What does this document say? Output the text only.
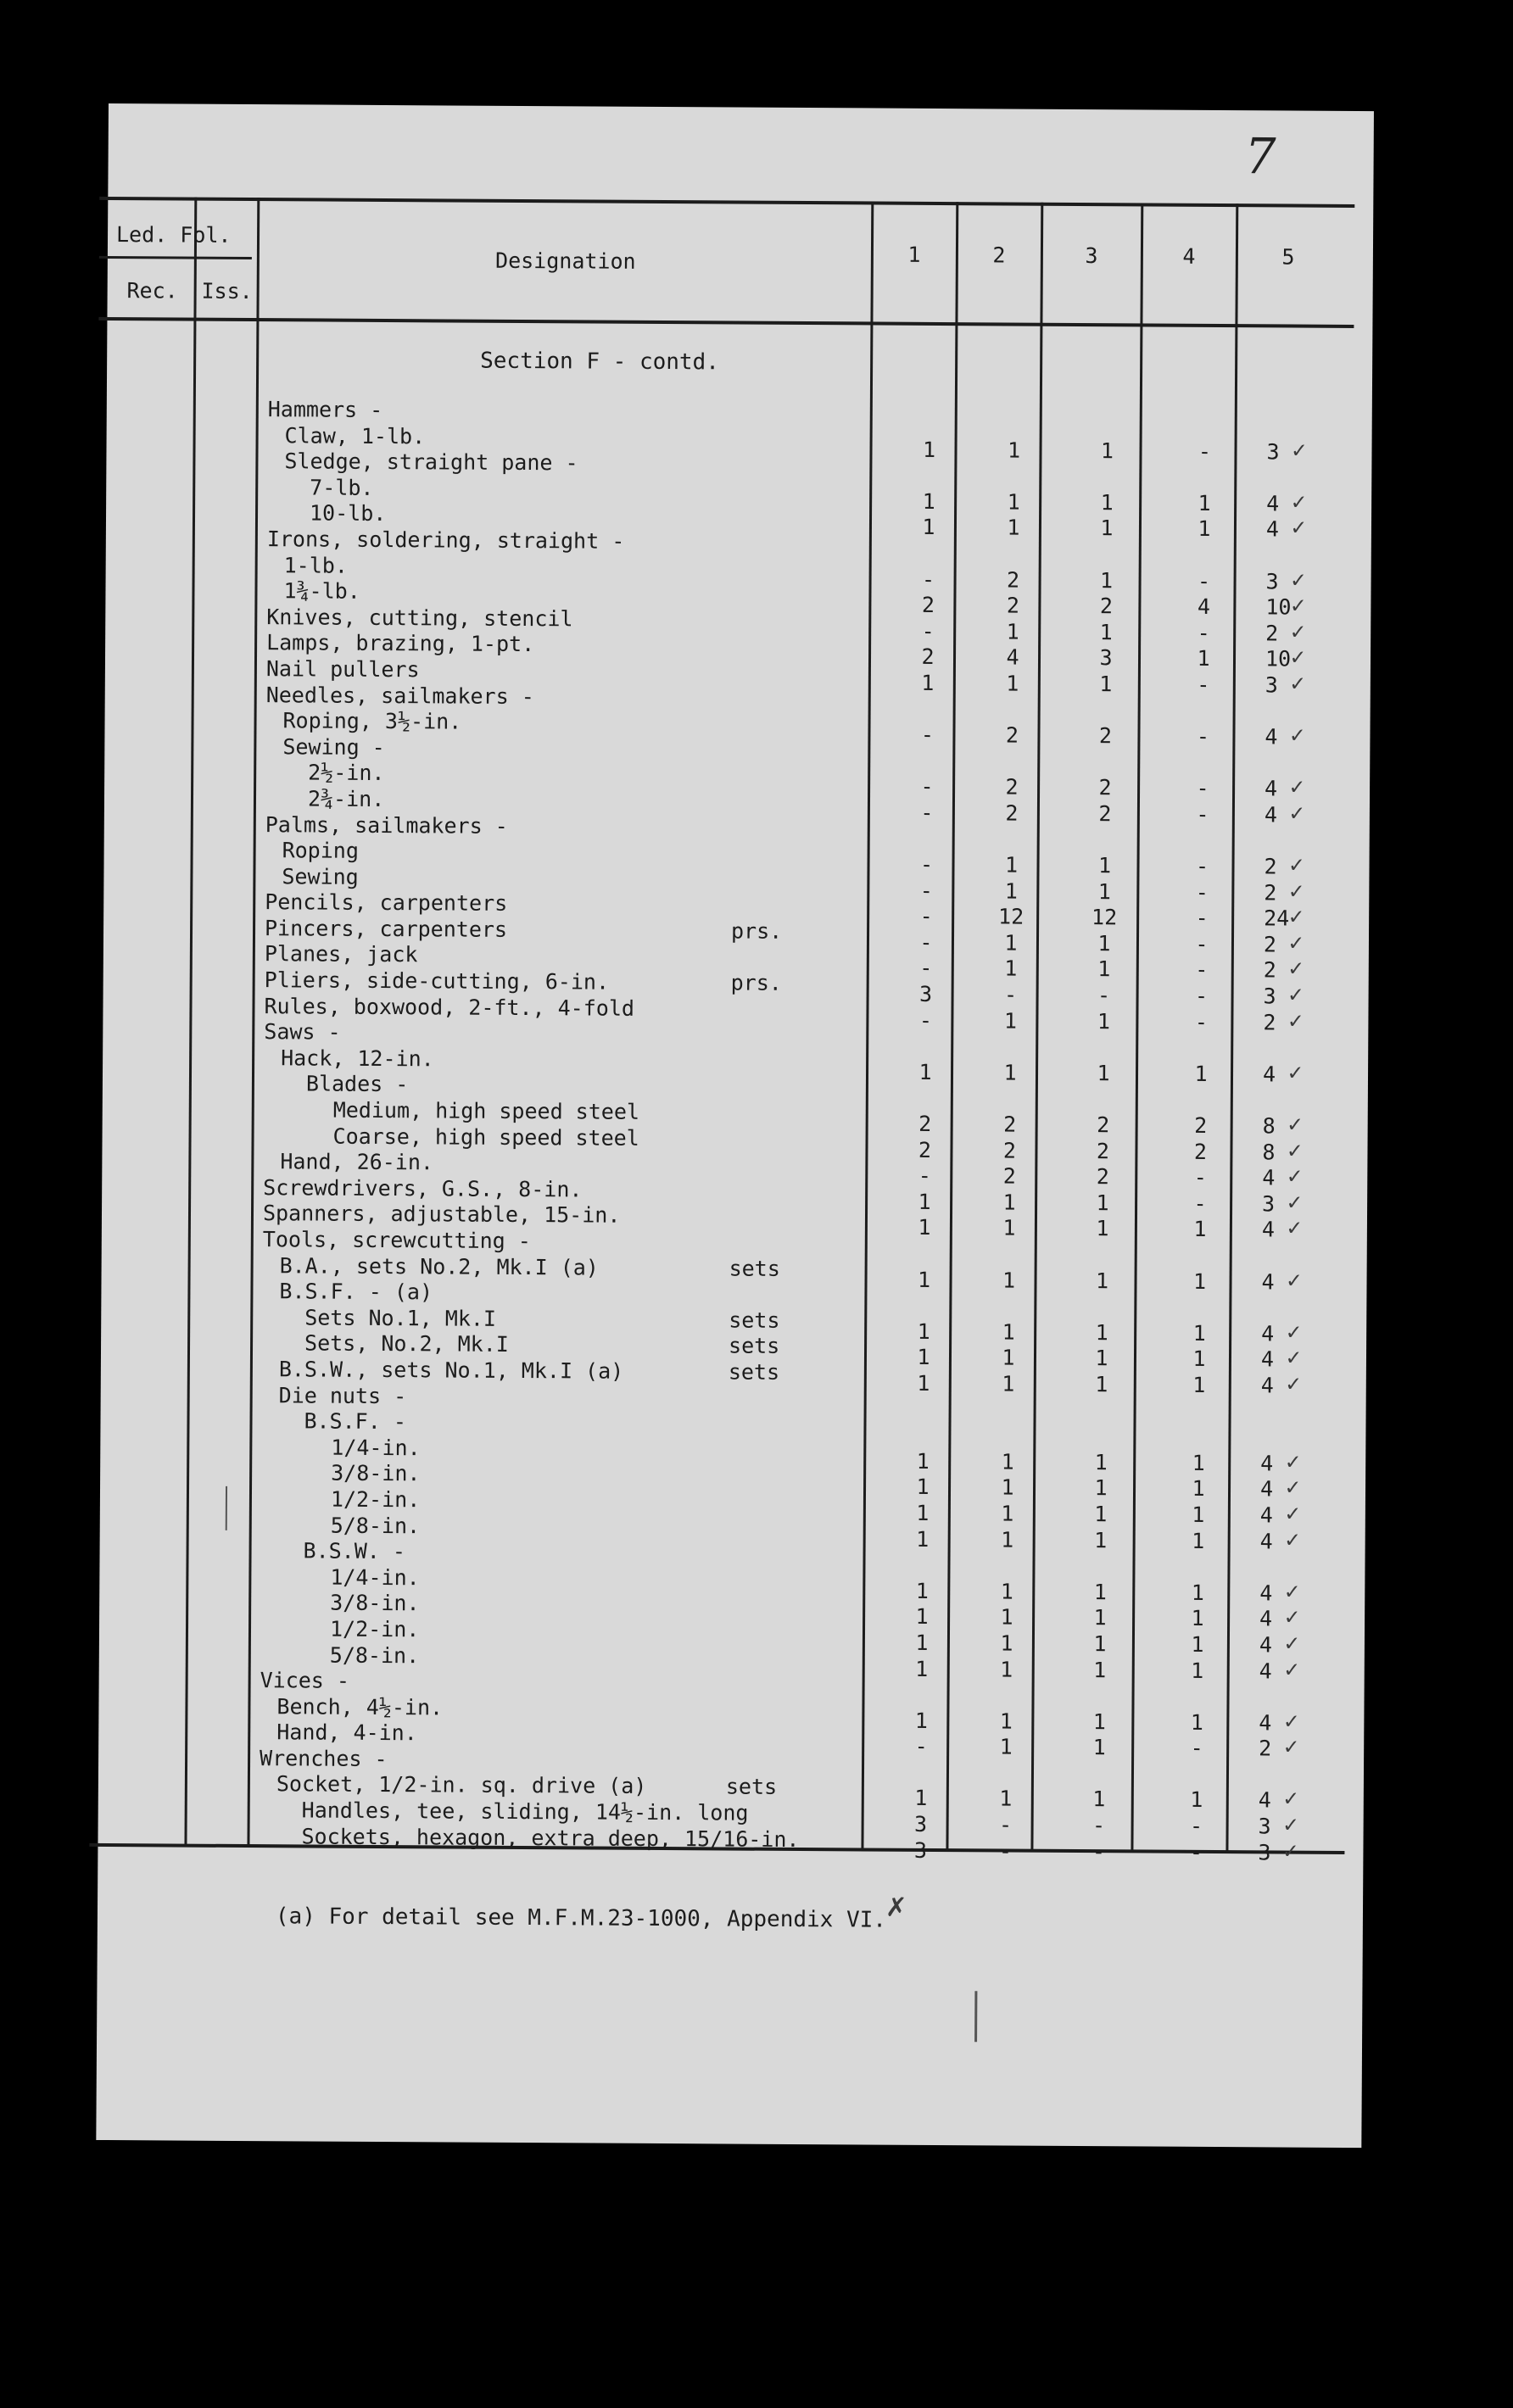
7
Led. Fol.
Rec.	Iss.
Designation	1	2	3	4	5
Section F - contd.
Hammers -
Claw, 1-lb.
1	1	1	-	3 ✓
Sledge, straight pane -
7-lb.
1	1	1	1	4 ✓
10-lb.
1	1	1	1	4 ✓
Irons, soldering, straight -
1-lb.
-	2	1	-	3 ✓
1¾-lb.
2	2	2	4	10 ✓
Knives, cutting, stencil
-	1	1	-	2 ✓
Lamps, brazing, 1-pt.
2	4	3	1	10 ✓
Nail pullers
1	1	1	-	3 ✓
Needles, sailmakers -
Roping, 3½-in.
-	2	2	-	4 ✓
Sewing -
2½-in.
-	2	2	-	4 ✓
2¾-in.
-	2	2	-	4 ✓
Palms, sailmakers -
Roping
-	1	1	-	2 ✓
Sewing
-	1	1	-	2 ✓
Pencils, carpenters
-	12	12	-	24 ✓
Pincers, carpenters	prs.	-	1	1	-	2 ✓
Planes, jack
-	1	1	-	2 ✓
Pliers, side-cutting, 6-in.	prs.	3	-	-	-	3 ✓
Rules, boxwood, 2-ft., 4-fold	-	1	1	-	2 ✓
Saws -
Hack, 12-in.
1	1	1	1	4 ✓
Blades -
Medium, high speed steel	2	2	2	2	8 ✓
Coarse, high speed steel	2	2	2	2	8 ✓
Hand, 26-in.
-	2	2	-	4 ✓
Screwdrivers, G.S., 8-in.	1	1	1	-	3 ✓
Spanners, adjustable, 15-in.	1	1	1	1	4 ✓
Tools, screwcutting -
B.A., sets No.2, Mk.I (a)	sets	1	1	1	1	4 ✓
B.S.F. - (a)
Sets No.1, Mk.I	sets	1	1	1	1	4 ✓
Sets, No.2, Mk.I	sets	1	1	1	1	4 ✓
B.S.W., sets No.1, Mk.I (a)	sets	1	1	1	1	4 ✓
Die nuts -
B.S.F. -
1/4-in.
1	1	1	1	4 ✓
3/8-in.
1	1	1	1	4 ✓
1/2-in.
1	1	1	1	4 ✓
5/8-in.
1	1	1	1	4 ✓
B.S.W. -
1/4-in.
1	1	1	1	4 ✓
3/8-in.
1	1	1	1	4 ✓
1/2-in.
1	1	1	1	4 ✓
5/8-in.
1	1	1	1	4 ✓
Vices -
Bench, 4½-in.
1	1	1	1	4 ✓
Hand, 4-in.
-	1	1	-	2 ✓
Wrenches -
Socket, 1/2-in. sq. drive (a)	sets	1	1	1	1	4 ✓
Handles, tee, sliding, 14½-in. long	3	-	-	-	3 ✓
Sockets, hexagon, extra deep, 15/16-in.	3	-	-	-	3 ✓
(a) For detail see M.F.M.23-1000, Appendix VI. ✗
